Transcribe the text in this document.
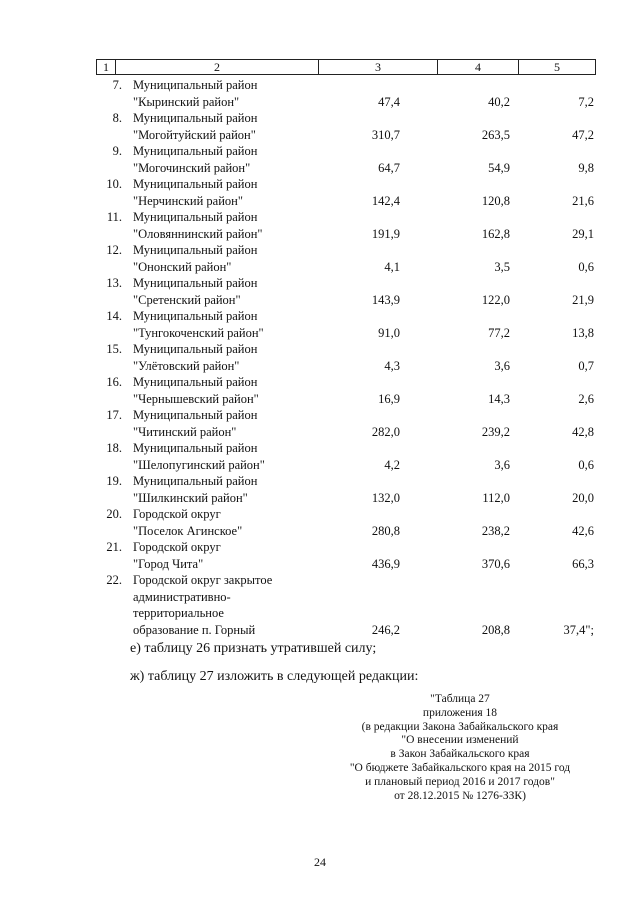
1	2	3	4	5
7. Муниципальный район
"Кыринский район"	47,4	40,2	7,2
8. Муниципальный район
"Могойтуйский район"	310,7	263,5	47,2
9. Муниципальный район
"Могочинский район"	64,7	54,9	9,8
10. Муниципальный район
"Нерчинский район"	142,4	120,8	21,6
11. Муниципальный район
"Оловяннинский район"	191,9	162,8	29,1
12. Муниципальный район
"Ононский район"	4,1	3,5	0,6
13. Муниципальный район
"Сретенский район"	143,9	122,0	21,9
14. Муниципальный район
"Тунгокоченский район"	91,0	77,2	13,8
15. Муниципальный район
"Улётовский район"	4,3	3,6	0,7
16. Муниципальный район
"Чернышевский район"	16,9	14,3	2,6
17. Муниципальный район
"Читинский район"	282,0	239,2	42,8
18. Муниципальный район
"Шелопугинский район"	4,2	3,6	0,6
19. Муниципальный район
"Шилкинский район"	132,0	112,0	20,0
20. Городской округ
"Поселок Агинское"	280,8	238,2	42,6
21. Городской округ
"Город Чита"	436,9	370,6	66,3
22. Городской округ закрытое
административно-
территориальное
образование п. Горный	246,2	208,8	37,4";
е) таблицу 26 признать утратившей силу;
ж) таблицу 27 изложить в следующей редакции:
"Таблица 27
приложения 18
(в редакции Закона Забайкальского края
"О внесении изменений
в Закон Забайкальского края
"О бюджете Забайкальского края на 2015 год
и плановый период 2016 и 2017 годов"
от 28.12.2015 № 1276-ЗЗК)
24
